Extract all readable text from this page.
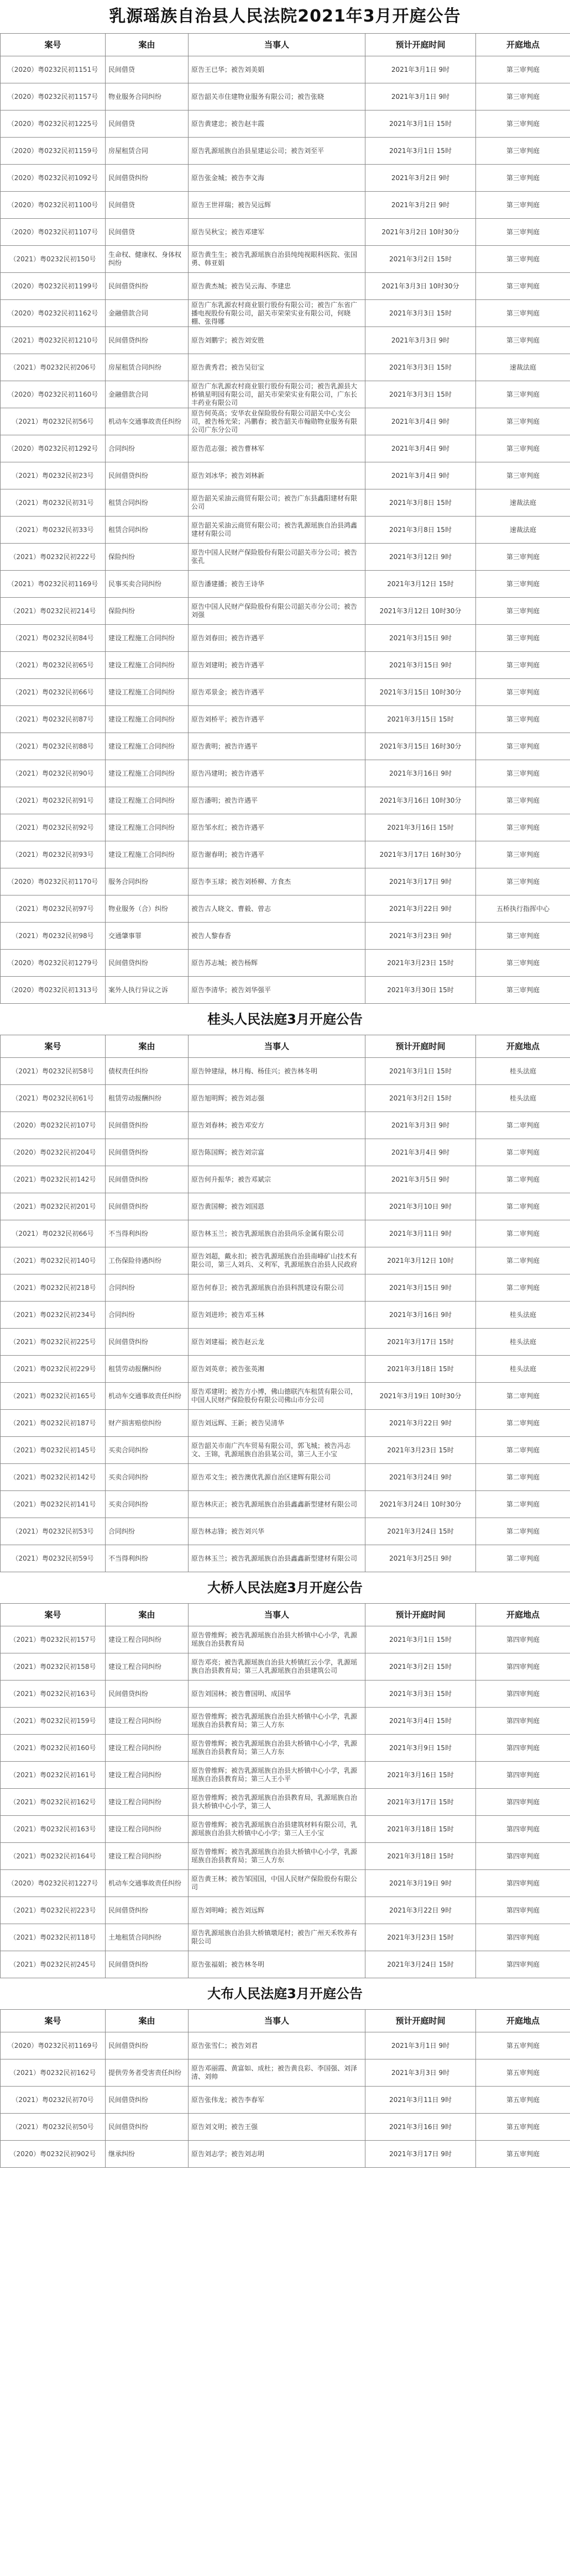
乳源瑶族自治县人民法院2021年3月开庭公告
案号	案由	当事人	预计开庭时间	开庭地点
（2020）粤0232民初1151号	民间借贷	原告王已华；被告刘美娟	2021年3月1日 9时	第三审判庭
（2020）粤0232民初1157号	物业服务合同纠纷	原告韶关市住建物业服务有限公司；被告张晓	2021年3月1日 9时	第三审判庭
（2020）粤0232民初1225号	民间借贷	原告黄建忠；被告赵丰霞	2021年3月1日 15时	第三审判庭
（2020）粤0232民初1159号	房屋租赁合同	原告乳源瑶族自治县星建运公司；被告刘至平	2021年3月1日 15时	第三审判庭
（2020）粤0232民初1092号	民间借贷纠纷	原告张金城；被告李文海	2021年3月2日 9时	第三审判庭
（2020）粤0232民初1100号	民间借贷	原告王世祥瑞；被告吴远辉	2021年3月2日 9时	第三审判庭
（2020）粤0232民初1107号	民间借贷	原告吴秋宝；被告邓建军	2021年3月2日 10时30分	第三审判庭
（2021）粤0232民初150号	生命权、健康权、身体权纠纷	原告黄生生；被告乳源瑶族自治县纯纯视眼科医院、张国勇、韩亚娟	2021年3月2日 15时	第三审判庭
（2020）粤0232民初1199号	民间借贷纠纷	原告黄杰城；被告吴云海、李建忠	2021年3月3日 10时30分	第三审判庭
（2020）粤0232民初1162号	金融借款合同	原告广东乳源农村商业银行股份有限公司；被告广东省广播电视股份有限公司，韶关市荣荣实业有限公司，何晓棚、张得娜	2021年3月3日 15时	第三审判庭
（2021）粤0232民初1210号	民间借贷纠纷	原告刘鹏宇；被告刘安胜	2021年3月3日 9时	第三审判庭
（2021）粤0232民初206号	房屋租赁合同纠纷	原告黄秀君；被告吴衍宝	2021年3月3日 15时	速裁法庭
（2020）粤0232民初1160号	金融借款合同	原告广东乳源农村商业银行股份有限公司；被告乳源县大桥镇星明园有限公司，韶关市荣荣实业有限公司，广东长丰药业有限公司	2021年3月3日 15时	第三审判庭
（2021）粤0232民初56号	机动车交通事故责任纠纷	原告何英高；安华农业保险股份有限公司韶关中心支公司，被告杨光荣；冯鹏春；被告韶关市翰勋物业服务有限公司广东分公司	2021年3月4日 9时	第三审判庭
（2020）粤0232民初1292号	合同纠纷	原告范志强；被告曹林军	2021年3月4日 9时	第三审判庭
（2021）粤0232民初23号	民间借贷纠纷	原告刘冰华；被告刘林新	2021年3月4日 9时	第三审判庭
（2021）粤0232民初31号	租赁合同纠纷	原告韶关采油云商贸有限公司；被告广东县鑫阳建材有限公司	2021年3月8日 15时	速裁法庭
（2021）粤0232民初33号	租赁合同纠纷	原告韶关采油云商贸有限公司；被告乳源瑶族自治县鸿鑫建材有限公司	2021年3月8日 15时	速裁法庭
（2021）粤0232民初222号	保险纠纷	原告中国人民财产保险股份有限公司韶关市分公司；被告张孔	2021年3月12日 9时	第三审判庭
（2021）粤0232民初1169号	民事买卖合同纠纷	原告潘建播；被告王诗华	2021年3月12日 15时	第三审判庭
（2021）粤0232民初214号	保险纠纷	原告中国人民财产保险股份有限公司韶关市分公司；被告刘强	2021年3月12日 10时30分	第三审判庭
（2021）粤0232民初84号	建设工程施工合同纠纷	原告刘春田；被告许遇平	2021年3月15日 9时	第三审判庭
（2021）粤0232民初65号	建设工程施工合同纠纷	原告刘建明；被告许遇平	2021年3月15日 9时	第三审判庭
（2021）粤0232民初66号	建设工程施工合同纠纷	原告邓景金；被告许遇平	2021年3月15日 10时30分	第三审判庭
（2021）粤0232民初87号	建设工程施工合同纠纷	原告刘桥平；被告许遇平	2021年3月15日 15时	第三审判庭
（2021）粤0232民初88号	建设工程施工合同纠纷	原告黄明；被告许遇平	2021年3月15日 16时30分	第三审判庭
（2021）粤0232民初90号	建设工程施工合同纠纷	原告冯建明；被告许遇平	2021年3月16日 9时	第三审判庭
（2021）粤0232民初91号	建设工程施工合同纠纷	原告潘明；被告许遇平	2021年3月16日 10时30分	第三审判庭
（2021）粤0232民初92号	建设工程施工合同纠纷	原告邹水红；被告许遇平	2021年3月16日 15时	第三审判庭
（2021）粤0232民初93号	建设工程施工合同纠纷	原告谢春明；被告许遇平	2021年3月17日 16时30分	第三审判庭
（2020）粤0232民初1170号	服务合同纠纷	原告李玉球；被告刘桥柳、方食杰	2021年3月17日 9时	第三审判庭
（2021）粤0232民初97号	物业服务（合）纠纷	被告古人晓文、曹毅、曾志	2021年3月22日 9时	五桥执行指挥中心
（2021）粤0232民初98号	交通肇事罪	被告人黎春香	2021年3月23日 9时	第三审判庭
（2020）粤0232民初1279号	民间借贷纠纷	原告苏志城；被告杨辉	2021年3月23日 15时	第三审判庭
（2020）粤0232民初1313号	案外人执行异议之诉	原告李清华；被告刘华强平	2021年3月30日 15时	第三审判庭
桂头人民法庭3月开庭公告
案号	案由	当事人	预计开庭时间	开庭地点
（2021）粤0232民初58号	债权责任纠纷	原告钟建绿，林月梅、杨佳兴；被告林冬明	2021年3月1日 15时	桂头法庭
（2021）粤0232民初61号	租赁劳动报酬纠纷	原告旭明辉；被告刘志强	2021年3月2日 15时	桂头法庭
（2020）粤0232民初107号	民间借贷纠纷	原告刘春林；被告邓安方	2021年3月3日 9时	第二审判庭
（2020）粤0232民初204号	民间借贷纠纷	原告陈国辉；被告刘宗富	2021年3月4日 9时	第二审判庭
（2021）粤0232民初142号	民间借贷纠纷	原告何升振华；被告邓斌宗	2021年3月5日 9时	第二审判庭
（2021）粤0232民初201号	民间借贷纠纷	原告黄国柳；被告刘国恩	2021年3月10日 9时	第二审判庭
（2021）粤0232民初66号	不当得利纠纷	原告林玉兰；被告乳源瑶族自治县尚乐金属有限公司	2021年3月11日 9时	第二审判庭
（2021）粤0232民初140号	工伤保险待遇纠纷	原告刘超，戴永扣；被告乳源瑶族自治县南峰矿山技术有限公司，第三人刘兵、义利军，乳源瑶族自治县人民政府	2021年3月12日 10时	第二审判庭
（2021）粤0232民初218号	合同纠纷	原告何春卫；被告乳源瑶族自治县科凯建设有限公司	2021年3月15日 9时	第二审判庭
（2021）粤0232民初234号	合同纠纷	原告刘进珍；被告邓玉林	2021年3月16日 9时	桂头法庭
（2021）粤0232民初225号	民间借贷纠纷	原告刘建福；被告赵云龙	2021年3月17日 15时	桂头法庭
（2021）粤0232民初229号	租赁劳动报酬纠纷	原告刘英章；被告张英湘	2021年3月18日 15时	桂头法庭
（2021）粤0232民初165号	机动车交通事故责任纠纷	原告邓建明；被告方小博，佛山德联汽车租赁有限公司，中国人民财产保险股份有限公司佛山市分公司	2021年3月19日 10时30分	第二审判庭
（2021）粤0232民初187号	财产损害赔偿纠纷	原告刘远辉、王新；被告吴清华	2021年3月22日 9时	第二审判庭
（2021）粤0232民初145号	买卖合同纠纷	原告韶关市南广汽车贸易有限公司，郭飞城；被告冯志文、王锦，乳源瑶族自治县某公司，第三人王小宝	2021年3月23日 15时	第二审判庭
（2021）粤0232民初142号	买卖合同纠纷	原告邓文生；被告澳优乳源自治区建辉有限公司	2021年3月24日 9时	第二审判庭
（2021）粤0232民初141号	买卖合同纠纷	原告林庆正；被告乳源瑶族自治县鑫鑫新型建材有限公司	2021年3月24日 10时30分	第二审判庭
（2021）粤0232民初53号	合同纠纷	原告林志锋；被告刘兴华	2021年3月24日 15时	第二审判庭
（2021）粤0232民初59号	不当得利纠纷	原告林玉兰；被告乳源瑶族自治县鑫鑫新型建材有限公司	2021年3月25日 9时	第二审判庭
大桥人民法庭3月开庭公告
案号	案由	当事人	预计开庭时间	开庭地点
（2021）粤0232民初157号	建设工程合同纠纷	原告曾维辉；被告乳源瑶族自治县大桥镇中心小学，乳源瑶族自治县教育局	2021年3月1日 15时	第四审判庭
（2021）粤0232民初158号	建设工程合同纠纷	原告邓亮；被告乳源瑶族自治县大桥镇红云小学，乳源瑶族自治县教育局；第三人乳源瑶族自治县建筑公司	2021年3月2日 15时	第四审判庭
（2021）粤0232民初163号	民间借贷纠纷	原告刘国林；被告曹国明、成国华	2021年3月3日 15时	第四审判庭
（2021）粤0232民初159号	建设工程合同纠纷	原告曾维辉；被告乳源瑶族自治县大桥镇中心小学，乳源瑶族自治县教育局；第三人方东	2021年3月4日 15时	第四审判庭
（2021）粤0232民初160号	建设工程合同纠纷	原告曾维辉；被告乳源瑶族自治县大桥镇中心小学，乳源瑶族自治县教育局；第三人方东	2021年3月9日 15时	第四审判庭
（2021）粤0232民初161号	建设工程合同纠纷	原告曾维辉；被告乳源瑶族自治县大桥镇中心小学，乳源瑶族自治县教育局；第三人王小平	2021年3月16日 15时	第四审判庭
（2021）粤0232民初162号	建设工程合同纠纷	原告曾维辉；被告乳源瑶族自治县教育局，乳源瑶族自治县大桥镇中心小学，第三人	2021年3月17日 15时	第四审判庭
（2021）粤0232民初163号	建设工程合同纠纷	原告曾维辉；被告乳源瑶族自治县建筑材料有限公司，乳源瑶族自治县大桥镇中心小学；第三人王小宝	2021年3月18日 15时	第四审判庭
（2021）粤0232民初164号	建设工程合同纠纷	原告曾维辉；被告乳源瑶族自治县大桥镇中心小学，乳源瑶族自治县教育局；第三人方东	2021年3月18日 15时	第四审判庭
（2020）粤0232民初1227号	机动车交通事故责任纠纷	原告黄王林；被告邹国国，中国人民财产保险股份有限公司	2021年3月19日 9时	第四审判庭
（2021）粤0232民初223号	民间借贷纠纷	原告刘明峰；被告刘远辉	2021年3月22日 9时	第四审判庭
（2021）粤0232民初118号	土地租赁合同纠纷	原告乳源瑶族自治县大桥镇墩尾村；被告广州天禾牧养有限公司	2021年3月23日 15时	第四审判庭
（2021）粤0232民初245号	民间借贷纠纷	原告张福娟；被告林冬明	2021年3月24日 15时	第四审判庭
大布人民法庭3月开庭公告
案号	案由	当事人	预计开庭时间	开庭地点
（2020）粤0232民初1169号	民间借贷纠纷	原告张雪仁；被告刘君	2021年3月1日 9时	第五审判庭
（2021）粤0232民初162号	提供劳务者受害责任纠纷	原告邓丽霞、黄富如、成杜；被告黄良彩、李国强、刘泽清、刘帅	2021年3月3日 9时	第五审判庭
（2021）粤0232民初70号	民间借贷纠纷	原告张伟龙；被告李春军	2021年3月11日 9时	第五审判庭
（2021）粤0232民初50号	民间借贷纠纷	原告刘文明；被告王强	2021年3月16日 9时	第五审判庭
（2020）粤0232民初902号	继承纠纷	原告刘志学；被告刘志明	2021年3月17日 9时	第五审判庭
